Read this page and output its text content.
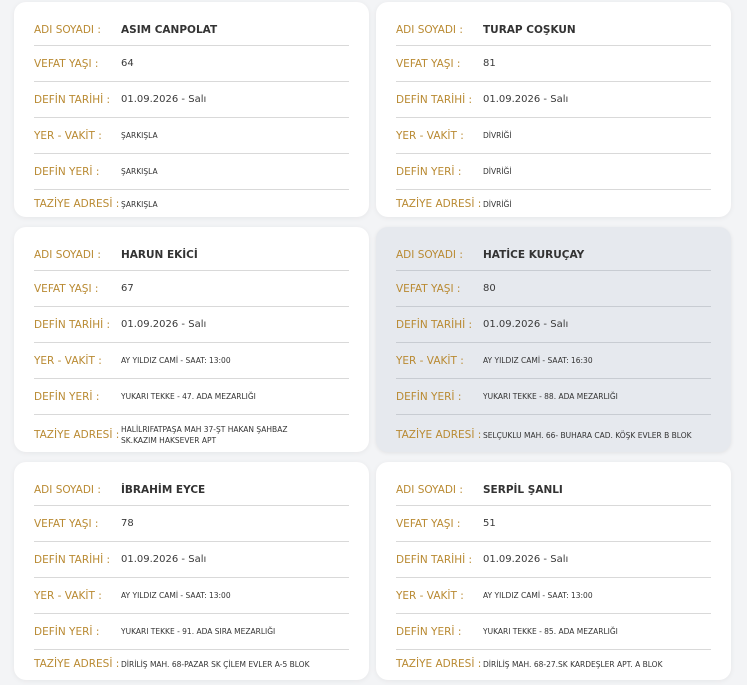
ADI SOYADI :	ASIM CANPOLAT
VEFAT YAŞI :	64
DEFİN TARİHİ :	01.09.2026 - Salı
YER - VAKİT :	ŞARKIŞLA
DEFİN YERİ :	ŞARKIŞLA
TAZİYE ADRESİ : ŞARKIŞLA
ADI SOYADI :	TURAP COŞKUN
VEFAT YAŞI :	81
DEFİN TARİHİ :	01.09.2026 - Salı
YER - VAKİT :	DİVRİĞİ
DEFİN YERİ :	DİVRİĞİ
TAZİYE ADRESİ : DİVRİĞİ
ADI SOYADI :	HARUN EKİCİ
VEFAT YAŞI :	67
DEFİN TARİHİ :	01.09.2026 - Salı
YER - VAKİT :	AY YILDIZ CAMİ - SAAT: 13:00
DEFİN YERİ :	YUKARI TEKKE - 47. ADA MEZARLIĞI
TAZİYE ADRESİ : HALİLRIFATPAŞA MAH 37-ŞT HAKAN ŞAHBAZ SK.KAZIM HAKSEVER APT
ADI SOYADI :	HATİCE KURUÇAY
VEFAT YAŞI :	80
DEFİN TARİHİ :	01.09.2026 - Salı
YER - VAKİT :	AY YILDIZ CAMİ - SAAT: 16:30
DEFİN YERİ :	YUKARI TEKKE - 88. ADA MEZARLIĞI
TAZİYE ADRESİ : SELÇUKLU MAH. 66- BUHARA CAD. KÖŞK EVLER B BLOK
ADI SOYADI :	İBRAHİM EYCE
VEFAT YAŞI :	78
DEFİN TARİHİ :	01.09.2026 - Salı
YER - VAKİT :	AY YILDIZ CAMİ - SAAT: 13:00
DEFİN YERİ :	YUKARI TEKKE - 91. ADA SIRA MEZARLIĞI
TAZİYE ADRESİ : DİRİLİŞ MAH. 68-PAZAR SK ÇİLEM EVLER A-5 BLOK
ADI SOYADI :	SERPİL ŞANLI
VEFAT YAŞI :	51
DEFİN TARİHİ :	01.09.2026 - Salı
YER - VAKİT :	AY YILDIZ CAMİ - SAAT: 13:00
DEFİN YERİ :	YUKARI TEKKE - 85. ADA MEZARLIĞI
TAZİYE ADRESİ : DİRİLİŞ MAH. 68-27.SK KARDEŞLER APT. A BLOK
